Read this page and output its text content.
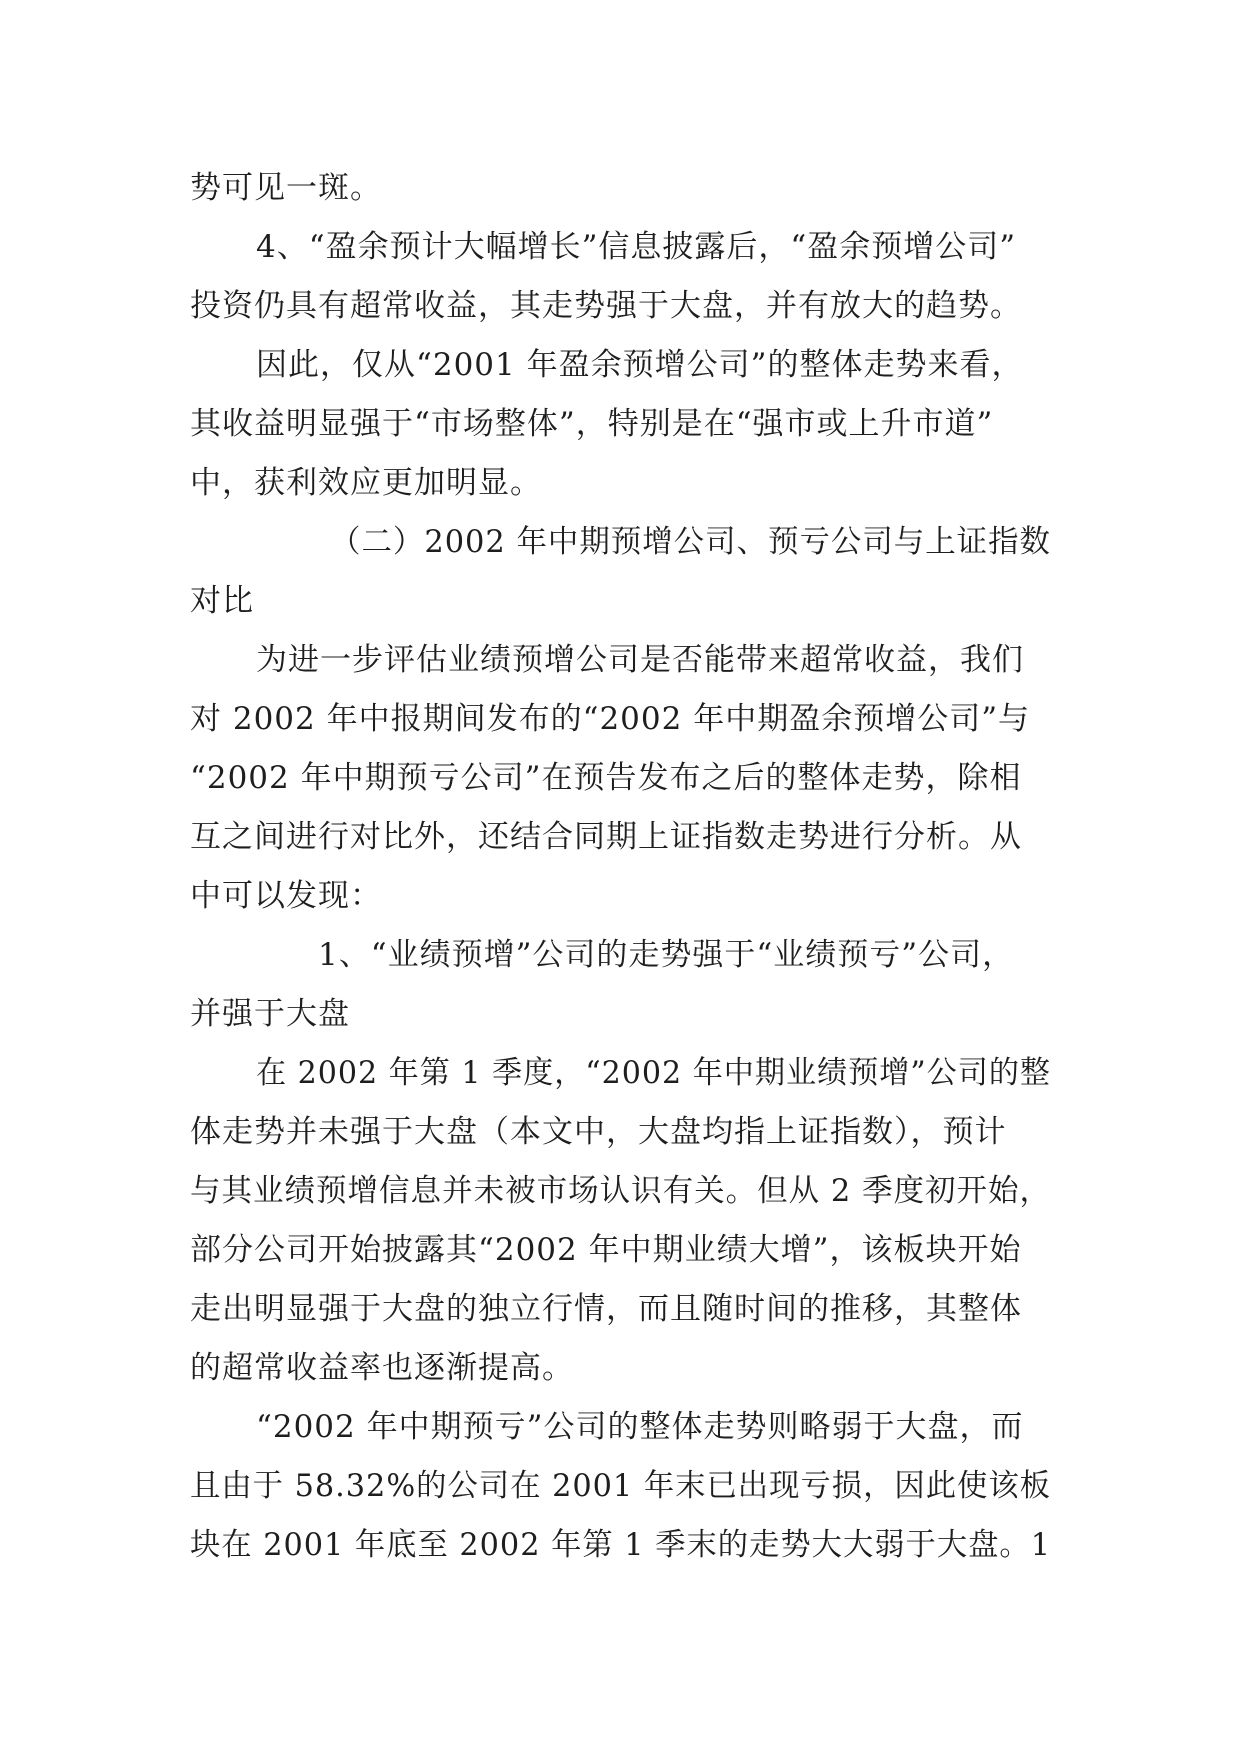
势可见一斑。
4、“盈余预计大幅增长”信息披露后，“盈余预增公司”
投资仍具有超常收益，其走势强于大盘，并有放大的趋势。
因此，仅从“2001 年盈余预增公司”的整体走势来看，
其收益明显强于“市场整体”，特别是在“强市或上升市道”
中，获利效应更加明显。
（二）2002 年中期预增公司、预亏公司与上证指数
对比
为进一步评估业绩预增公司是否能带来超常收益，我们
对 2002 年中报期间发布的“2002 年中期盈余预增公司”与
“2002 年中期预亏公司”在预告发布之后的整体走势，除相
互之间进行对比外，还结合同期上证指数走势进行分析。从
中可以发现：
1、“业绩预增”公司的走势强于“业绩预亏”公司，
并强于大盘
在 2002 年第 1 季度，“2002 年中期业绩预增”公司的整
体走势并未强于大盘（本文中，大盘均指上证指数），预计
与其业绩预增信息并未被市场认识有关。但从 2 季度初开始，
部分公司开始披露其“2002 年中期业绩大增”，该板块开始
走出明显强于大盘的独立行情，而且随时间的推移，其整体
的超常收益率也逐渐提高。
“2002 年中期预亏”公司的整体走势则略弱于大盘，而
且由于 58.32%的公司在 2001 年末已出现亏损，因此使该板
块在 2001 年底至 2002 年第 1 季末的走势大大弱于大盘。1
